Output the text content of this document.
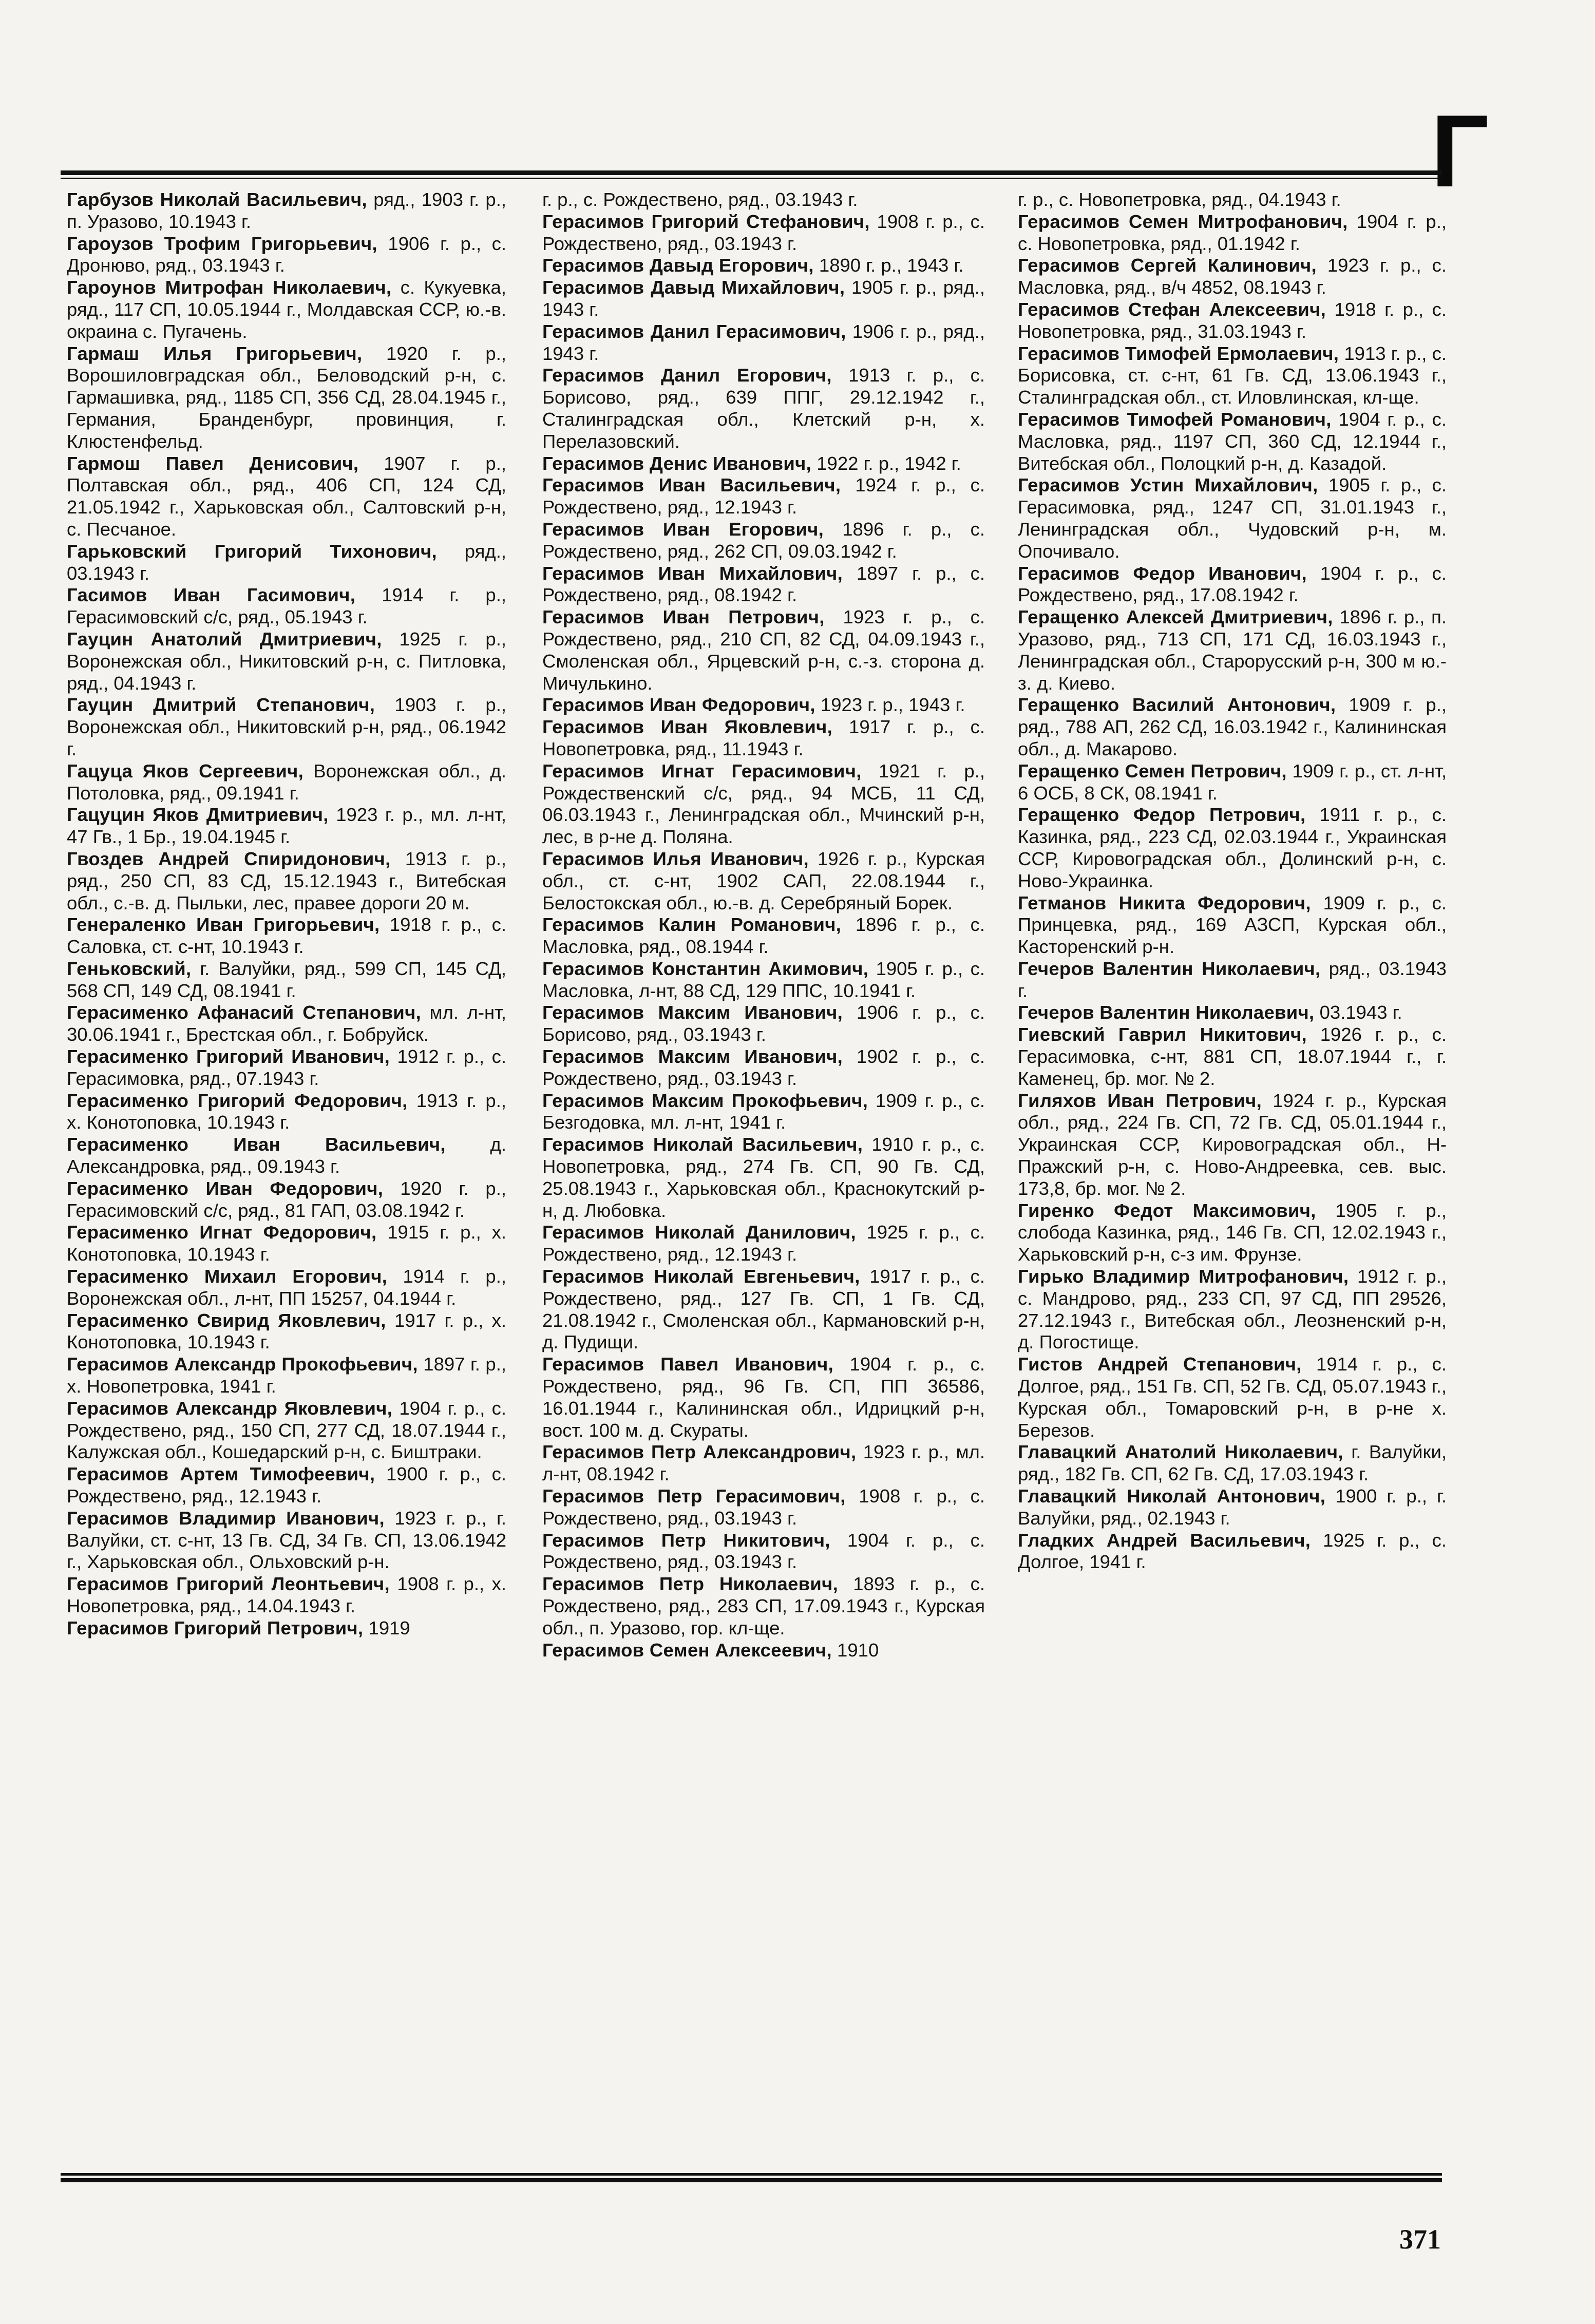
Г

Гарбузов Николай Васильевич, ряд., 1903 г. р., п. Уразово, 10.1943 г.

Гароузов Трофим Григорьевич, 1906 г. р., с. Дронюво, ряд., 03.1943 г.

Гароунов Митрофан Николаевич, с. Кукуевка, ряд., 117 СП, 10.05.1944 г., Молдавская ССР, ю.-в. окраина с. Пугачень.

Гармаш Илья Григорьевич, 1920 г. р., Ворошиловградская обл., Беловодский р-н, с. Гармашивка, ряд., 1185 СП, 356 СД, 28.04.1945 г., Германия, Бранденбург, провинция, г. Клюстенфельд.

Гармош Павел Денисович, 1907 г. р., Полтавская обл., ряд., 406 СП, 124 СД, 21.05.1942 г., Харьковская обл., Салтовский р-н, с. Песчаное.

Гарьковский Григорий Тихонович, ряд., 03.1943 г.

Гасимов Иван Гасимович, 1914 г. р., Герасимовский с/с, ряд., 05.1943 г.

Гауцин Анатолий Дмитриевич, 1925 г. р., Воронежская обл., Никитовский р-н, с. Питловка, ряд., 04.1943 г.

Гауцин Дмитрий Степанович, 1903 г. р., Воронежская обл., Никитовский р-н, ряд., 06.1942 г.

Гацуца Яков Сергеевич, Воронежская обл., д. Потоловка, ряд., 09.1941 г.

Гацуцин Яков Дмитриевич, 1923 г. р., мл. л-нт, 47 Гв., 1 Бр., 19.04.1945 г.

Гвоздев Андрей Спиридонович, 1913 г. р., ряд., 250 СП, 83 СД, 15.12.1943 г., Витебская обл., с.-в. д. Пыльки, лес, правее дороги 20 м.

Генераленко Иван Григорьевич, 1918 г. р., с. Саловка, ст. с-нт, 10.1943 г.

Геньковский, г. Валуйки, ряд., 599 СП, 145 СД, 568 СП, 149 СД, 08.1941 г.

Герасименко Афанасий Степанович, мл. л-нт, 30.06.1941 г., Брестская обл., г. Бобруйск.

Герасименко Григорий Иванович, 1912 г. р., с. Герасимовка, ряд., 07.1943 г.

Герасименко Григорий Федорович, 1913 г. р., х. Конотоповка, 10.1943 г.

Герасименко Иван Васильевич, д. Александровка, ряд., 09.1943 г.

Герасименко Иван Федорович, 1920 г. р., Герасимовский с/с, ряд., 81 ГАП, 03.08.1942 г.

Герасименко Игнат Федорович, 1915 г. р., х. Конотоповка, 10.1943 г.

Герасименко Михаил Егорович, 1914 г. р., Воронежская обл., л-нт, ПП 15257, 04.1944 г.

Герасименко Свирид Яковлевич, 1917 г. р., х. Конотоповка, 10.1943 г.

Герасимов Александр Прокофьевич, 1897 г. р., х. Новопетровка, 1941 г.

Герасимов Александр Яковлевич, 1904 г. р., с. Рождествено, ряд., 150 СП, 277 СД, 18.07.1944 г., Калужская обл., Кошедарский р-н, с. Биштраки.

Герасимов Артем Тимофеевич, 1900 г. р., с. Рождествено, ряд., 12.1943 г.

Герасимов Владимир Иванович, 1923 г. р., г. Валуйки, ст. с-нт, 13 Гв. СД, 34 Гв. СП, 13.06.1942 г., Харьковская обл., Ольховский р-н.

Герасимов Григорий Леонтьевич, 1908 г. р., х. Новопетровка, ряд., 14.04.1943 г.

Герасимов Григорий Петрович, 1919

г. р., с. Рождествено, ряд., 03.1943 г.

Герасимов Григорий Стефанович, 1908 г. р., с. Рождествено, ряд., 03.1943 г.

Герасимов Давыд Егорович, 1890 г. р., 1943 г.

Герасимов Давыд Михайлович, 1905 г. р., ряд., 1943 г.

Герасимов Данил Герасимович, 1906 г. р., ряд., 1943 г.

Герасимов Данил Егорович, 1913 г. р., с. Борисово, ряд., 639 ППГ, 29.12.1942 г., Сталинградская обл., Клетский р-н, х. Перелазовский.

Герасимов Денис Иванович, 1922 г. р., 1942 г.

Герасимов Иван Васильевич, 1924 г. р., с. Рождествено, ряд., 12.1943 г.

Герасимов Иван Егорович, 1896 г. р., с. Рождествено, ряд., 262 СП, 09.03.1942 г.

Герасимов Иван Михайлович, 1897 г. р., с. Рождествено, ряд., 08.1942 г.

Герасимов Иван Петрович, 1923 г. р., с. Рождествено, ряд., 210 СП, 82 СД, 04.09.1943 г., Смоленская обл., Ярцевский р-н, с.-з. сторона д. Мичулькино.

Герасимов Иван Федорович, 1923 г. р., 1943 г.

Герасимов Иван Яковлевич, 1917 г. р., с. Новопетровка, ряд., 11.1943 г.

Герасимов Игнат Герасимович, 1921 г. р., Рождественский с/с, ряд., 94 МСБ, 11 СД, 06.03.1943 г., Ленинградская обл., Мчинский р-н, лес, в р-не д. Поляна.

Герасимов Илья Иванович, 1926 г. р., Курская обл., ст. с-нт, 1902 САП, 22.08.1944 г., Белостокская обл., ю.-в. д. Серебряный Борек.

Герасимов Калин Романович, 1896 г. р., с. Масловка, ряд., 08.1944 г.

Герасимов Константин Акимович, 1905 г. р., с. Масловка, л-нт, 88 СД, 129 ППС, 10.1941 г.

Герасимов Максим Иванович, 1906 г. р., с. Борисово, ряд., 03.1943 г.

Герасимов Максим Иванович, 1902 г. р., с. Рождествено, ряд., 03.1943 г.

Герасимов Максим Прокофьевич, 1909 г. р., с. Безгодовка, мл. л-нт, 1941 г.

Герасимов Николай Васильевич, 1910 г. р., с. Новопетровка, ряд., 274 Гв. СП, 90 Гв. СД, 25.08.1943 г., Харьковская обл., Краснокутский р-н, д. Любовка.

Герасимов Николай Данилович, 1925 г. р., с. Рождествено, ряд., 12.1943 г.

Герасимов Николай Евгеньевич, 1917 г. р., с. Рождествено, ряд., 127 Гв. СП, 1 Гв. СД, 21.08.1942 г., Смоленская обл., Кармановский р-н, д. Пудищи.

Герасимов Павел Иванович, 1904 г. р., с. Рождествено, ряд., 96 Гв. СП, ПП 36586, 16.01.1944 г., Калининская обл., Идрицкий р-н, вост. 100 м. д. Скураты.

Герасимов Петр Александрович, 1923 г. р., мл. л-нт, 08.1942 г.

Герасимов Петр Герасимович, 1908 г. р., с. Рождествено, ряд., 03.1943 г.

Герасимов Петр Никитович, 1904 г. р., с. Рождествено, ряд., 03.1943 г.

Герасимов Петр Николаевич, 1893 г. р., с. Рождествено, ряд., 283 СП, 17.09.1943 г., Курская обл., п. Уразово, гор. кл-ще.

Герасимов Семен Алексеевич, 1910

г. р., с. Новопетровка, ряд., 04.1943 г.

Герасимов Семен Митрофанович, 1904 г. р., с. Новопетровка, ряд., 01.1942 г.

Герасимов Сергей Калинович, 1923 г. р., с. Масловка, ряд., в/ч 4852, 08.1943 г.

Герасимов Стефан Алексеевич, 1918 г. р., с. Новопетровка, ряд., 31.03.1943 г.

Герасимов Тимофей Ермолаевич, 1913 г. р., с. Борисовка, ст. с-нт, 61 Гв. СД, 13.06.1943 г., Сталинградская обл., ст. Иловлинская, кл-ще.

Герасимов Тимофей Романович, 1904 г. р., с. Масловка, ряд., 1197 СП, 360 СД, 12.1944 г., Витебская обл., Полоцкий р-н, д. Казадой.

Герасимов Устин Михайлович, 1905 г. р., с. Герасимовка, ряд., 1247 СП, 31.01.1943 г., Ленинградская обл., Чудовский р-н, м. Опочивало.

Герасимов Федор Иванович, 1904 г. р., с. Рождествено, ряд., 17.08.1942 г.

Геращенко Алексей Дмитриевич, 1896 г. р., п. Уразово, ряд., 713 СП, 171 СД, 16.03.1943 г., Ленинградская обл., Старорусский р-н, 300 м ю.-з. д. Киево.

Геращенко Василий Антонович, 1909 г. р., ряд., 788 АП, 262 СД, 16.03.1942 г., Калининская обл., д. Макарово.

Геращенко Семен Петрович, 1909 г. р., ст. л-нт, 6 ОСБ, 8 СК, 08.1941 г.

Геращенко Федор Петрович, 1911 г. р., с. Казинка, ряд., 223 СД, 02.03.1944 г., Украинская ССР, Кировоградская обл., Долинский р-н, с. Ново-Украинка.

Гетманов Никита Федорович, 1909 г. р., с. Принцевка, ряд., 169 АЗСП, Курская обл., Касторенский р-н.

Гечеров Валентин Николаевич, ряд., 03.1943 г.

Гечеров Валентин Николаевич, 03.1943 г.

Гиевский Гаврил Никитович, 1926 г. р., с. Герасимовка, с-нт, 881 СП, 18.07.1944 г., г. Каменец, бр. мог. № 2.

Гиляхов Иван Петрович, 1924 г. р., Курская обл., ряд., 224 Гв. СП, 72 Гв. СД, 05.01.1944 г., Украинская ССР, Кировоградская обл., Н-Пражский р-н, с. Ново-Андреевка, сев. выс. 173,8, бр. мог. № 2.

Гиренко Федот Максимович, 1905 г. р., слобода Казинка, ряд., 146 Гв. СП, 12.02.1943 г., Харьковский р-н, с-з им. Фрунзе.

Гирько Владимир Митрофанович, 1912 г. р., с. Мандрово, ряд., 233 СП, 97 СД, ПП 29526, 27.12.1943 г., Витебская обл., Леозненский р-н, д. Погостище.

Гистов Андрей Степанович, 1914 г. р., с. Долгое, ряд., 151 Гв. СП, 52 Гв. СД, 05.07.1943 г., Курская обл., Томаровский р-н, в р-не х. Березов.

Главацкий Анатолий Николаевич, г. Валуйки, ряд., 182 Гв. СП, 62 Гв. СД, 17.03.1943 г.

Главацкий Николай Антонович, 1900 г. р., г. Валуйки, ряд., 02.1943 г.

Гладких Андрей Васильевич, 1925 г. р., с. Долгое, 1941 г.

371
